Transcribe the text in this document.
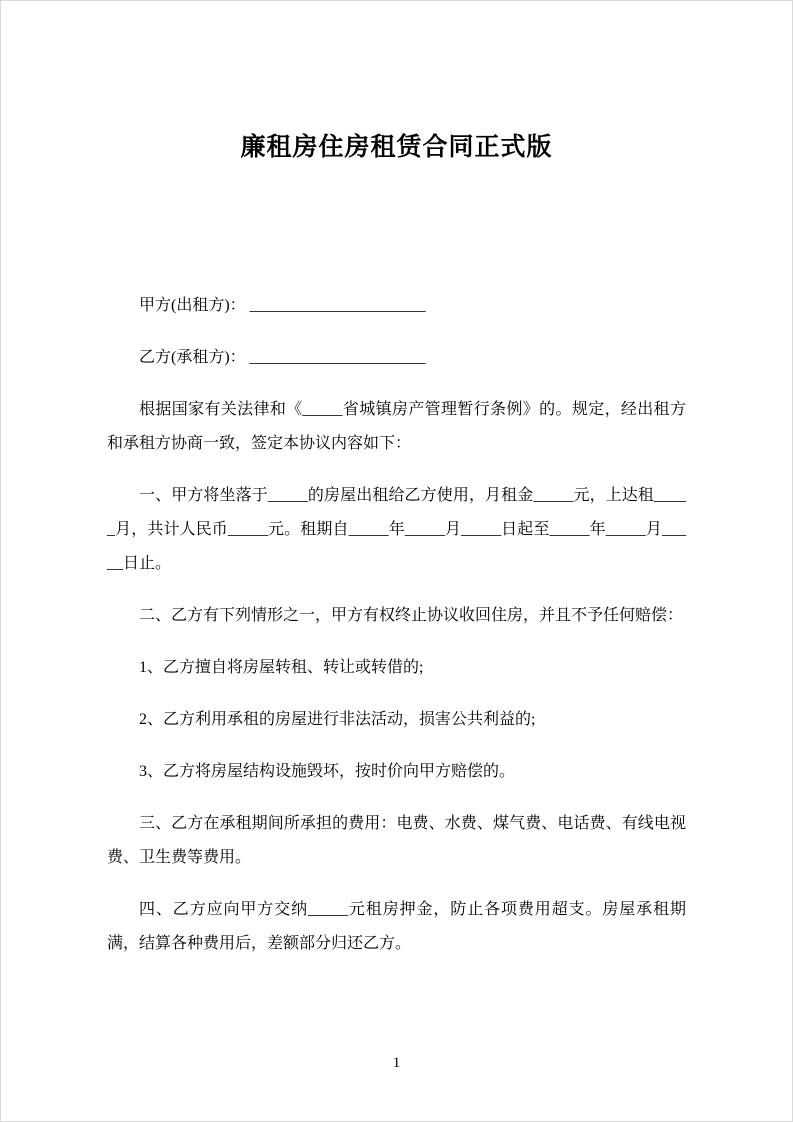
廉租房住房租赁合同正式版

甲方(出租方)： ______________________

乙方(承租方)： ______________________

根据国家有关法律和《_____省城镇房产管理暂行条例》的。规定，经出租方和承租方协商一致，签定本协议内容如下：

一、甲方将坐落于_____的房屋出租给乙方使用，月租金_____元，上达租_____月，共计人民币_____元。租期自_____年_____月_____日起至_____年_____月_____日止。

二、乙方有下列情形之一，甲方有权终止协议收回住房，并且不予任何赔偿：

1、乙方擅自将房屋转租、转让或转借的;

2、乙方利用承租的房屋进行非法活动，损害公共利益的;

3、乙方将房屋结构设施毁坏，按时价向甲方赔偿的。

三、乙方在承租期间所承担的费用：电费、水费、煤气费、电话费、有线电视费、卫生费等费用。

四、乙方应向甲方交纳_____元租房押金，防止各项费用超支。房屋承租期满，结算各种费用后，差额部分归还乙方。

1
